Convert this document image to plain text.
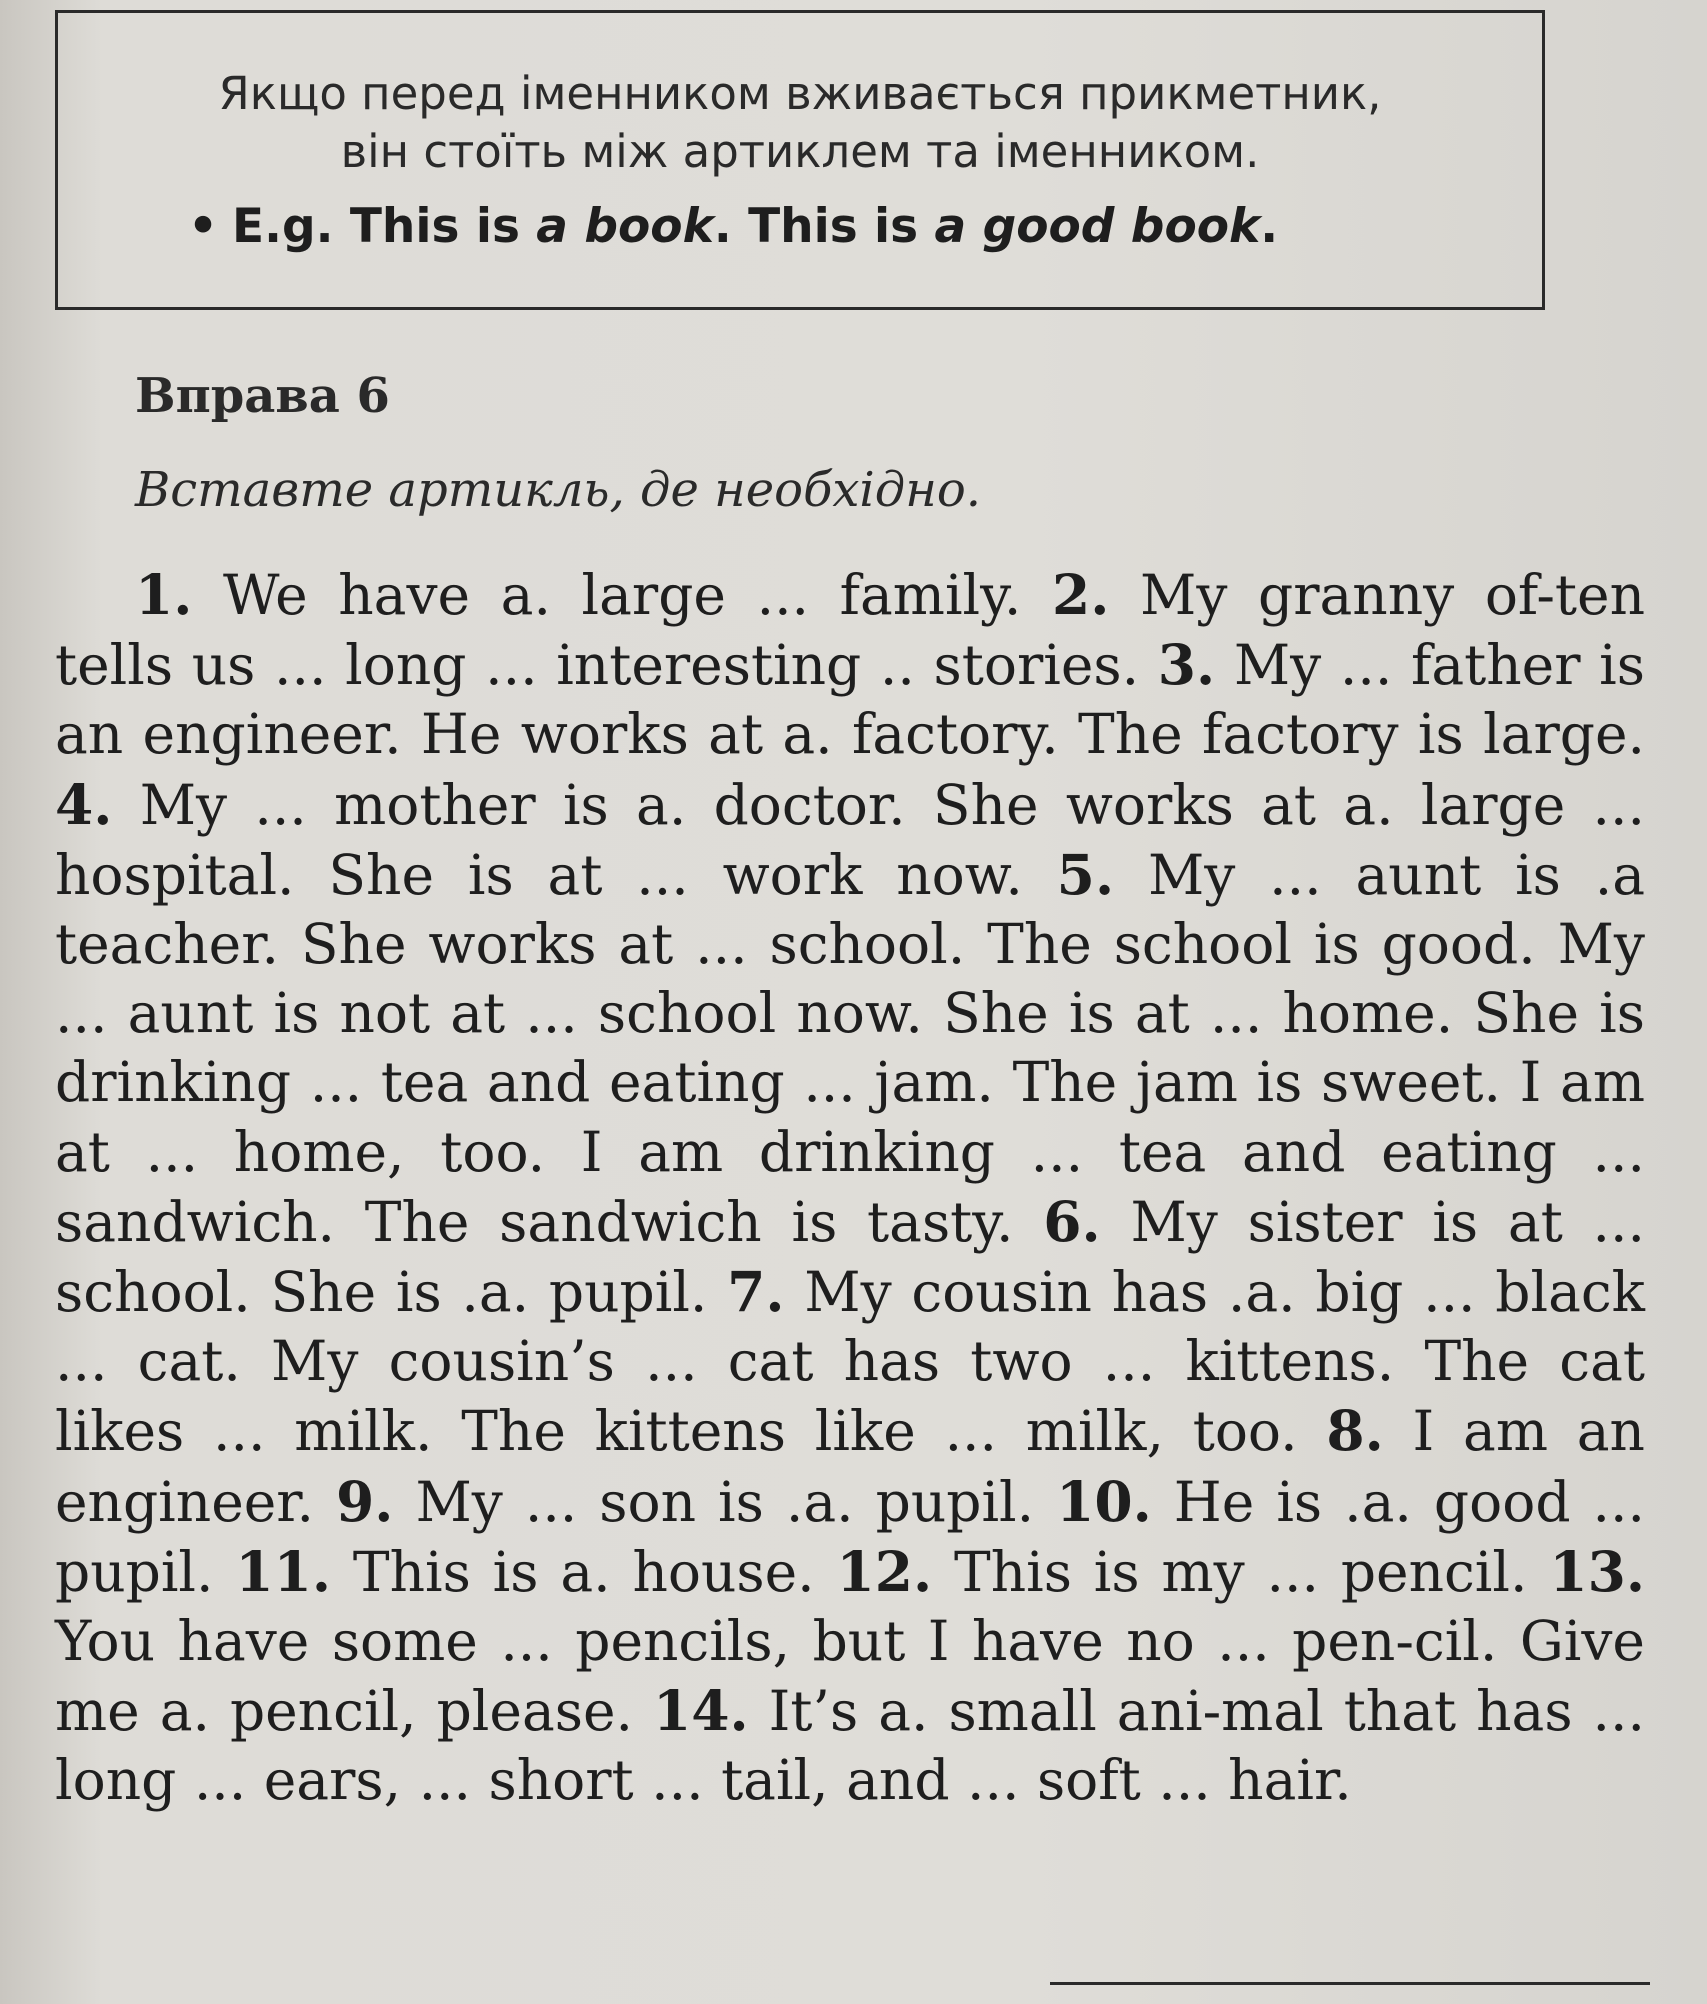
Якщо перед іменником вживається прикметник,
він стоїть між артиклем та іменником.
• E.g. This is a book. This is a good book.
Вправа 6
Вставте артикль, де необхідно.
1. We have a. large ... family. 2. My granny of-ten tells us ... long ... interesting .. stories. 3. My ... father is an engineer. He works at a. factory. The factory is large. 4. My ... mother is a. doctor. She works at a. large ... hospital. She is at ... work now. 5. My ... aunt is .a teacher. She works at ... school. The school is good. My ... aunt is not at ... school now. She is at ... home. She is drinking ... tea and eating ... jam. The jam is sweet. I am at ... home, too. I am drinking ... tea and eating ... sandwich. The sandwich is tasty. 6. My sister is at ... school. She is .a. pupil. 7. My cousin has .a. big ... black ... cat. My cousin’s ... cat has two ... kittens. The cat likes ... milk. The kittens like ... milk, too. 8. I am an engineer. 9. My ... son is .a. pupil. 10. He is .a. good ... pupil. 11. This is a. house. 12. This is my ... pencil. 13. You have some ... pencils, but I have no ... pen-cil. Give me a. pencil, please. 14. It’s a. small ani-mal that has ... long ... ears, ... short ... tail, and ... soft ... hair.
